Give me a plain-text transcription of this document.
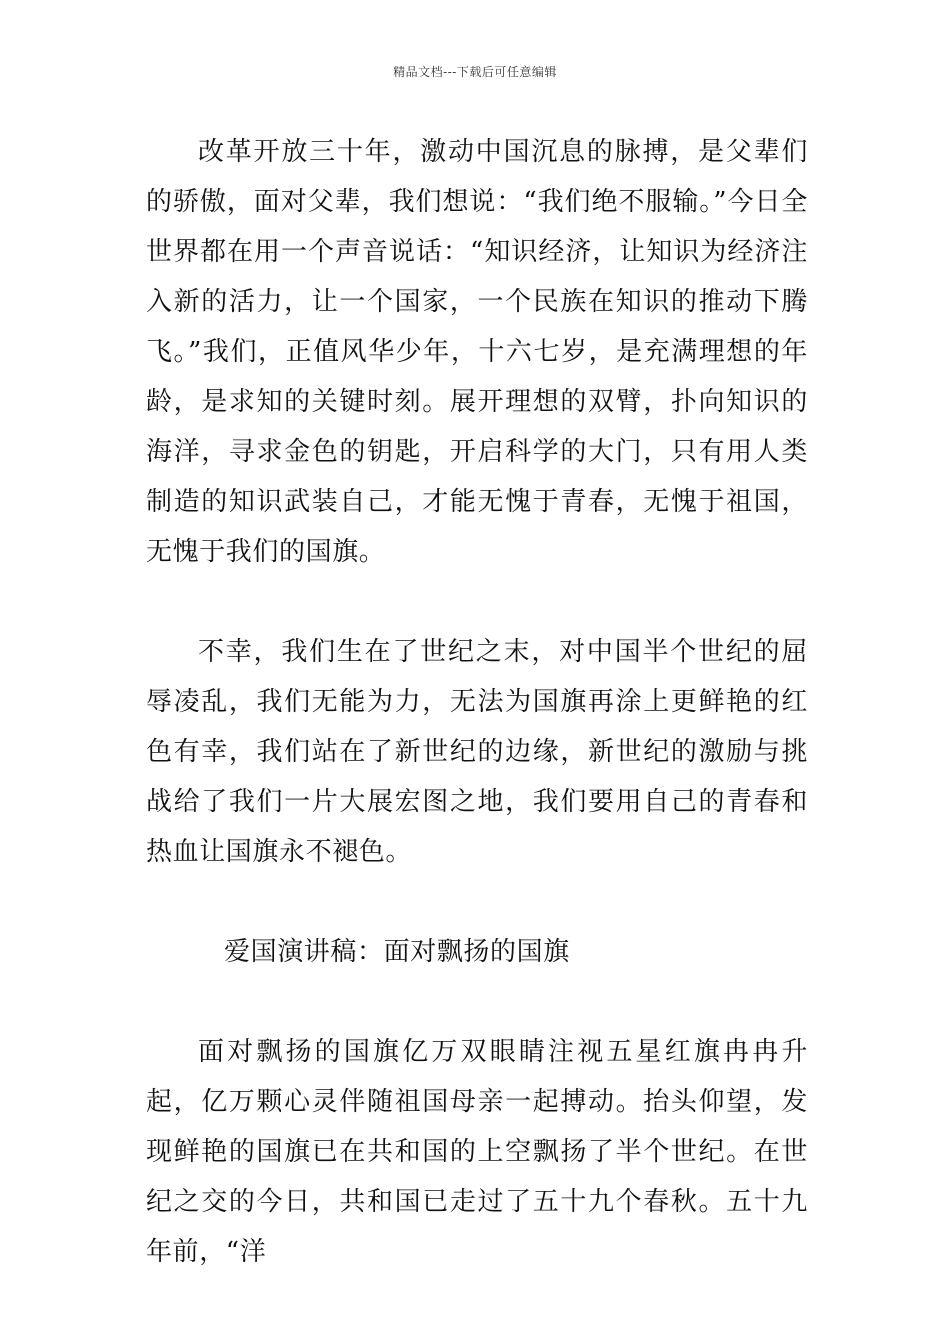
精品文档---下载后可任意编辑

改革开放三十年，激动中国沉息的脉搏，是父辈们的骄傲，面对父辈，我们想说：“我们绝不服输。”今日全世界都在用一个声音说话：“知识经济，让知识为经济注入新的活力，让一个国家，一个民族在知识的推动下腾飞。”我们，正值风华少年，十六七岁，是充满理想的年龄，是求知的关键时刻。展开理想的双臂，扑向知识的海洋，寻求金色的钥匙，开启科学的大门，只有用人类制造的知识武装自己，才能无愧于青春，无愧于祖国，无愧于我们的国旗。

不幸，我们生在了世纪之末，对中国半个世纪的屈辱凌乱，我们无能为力，无法为国旗再涂上更鲜艳的红色有幸，我们站在了新世纪的边缘，新世纪的激励与挑战给了我们一片大展宏图之地，我们要用自己的青春和热血让国旗永不褪色。

爱国演讲稿：面对飘扬的国旗

面对飘扬的国旗亿万双眼睛注视五星红旗冉冉升起，亿万颗心灵伴随祖国母亲一起搏动。抬头仰望，发现鲜艳的国旗已在共和国的上空飘扬了半个世纪。在世纪之交的今日，共和国已走过了五十九个春秋。五十九年前，“洋
